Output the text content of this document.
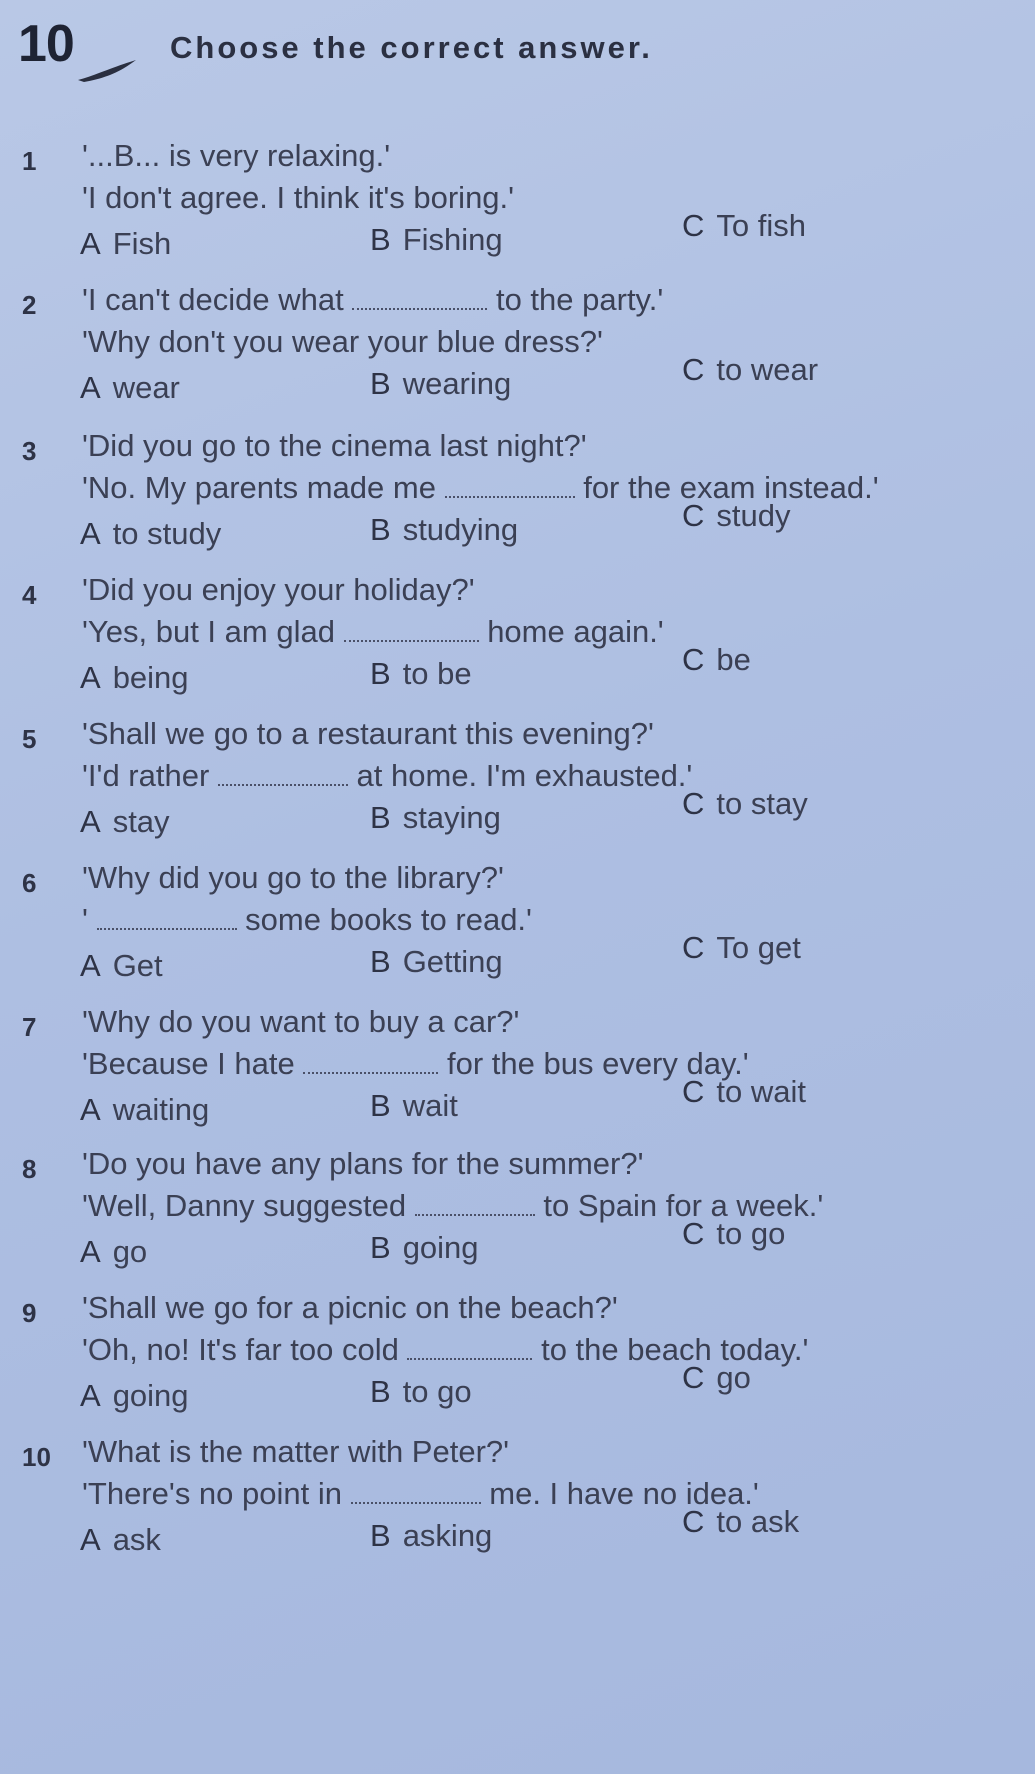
10	Choose the correct answer.
1 '...B... is very relaxing.'
'I don't agree. I think it's boring.'
A Fish	B Fishing	C To fish
2 'I can't decide what	to the party.'
'Why don't you wear your blue dress?'
A wear	B wearing	C to wear
3 'Did you go to the cinema last night?'
'No. My parents made me	for the exam instead.'
A to study	B studying	C study
4 'Did you enjoy your holiday?'
'Yes, but I am glad	home again.'
A being	B to be	C be
5 'Shall we go to a restaurant this evening?'
'I'd rather	at home. I'm exhausted.'
A stay	B staying	C to stay
6 'Why did you go to the library?'
'	some books to read.'
A Get	B Getting	C To get
7 'Why do you want to buy a car?'
'Because I hate	for the bus every day.'
A waiting	B wait	C to wait
8 'Do you have any plans for the summer?'
'Well, Danny suggested	to Spain for a week.'
A go	B going	C to go
9 'Shall we go for a picnic on the beach?'
'Oh, no! It's far too cold	to the beach today.'
A going	B to go	C go
10 'What is the matter with Peter?'
'There's no point in	me. I have no idea.'
A ask	B asking	C to ask
